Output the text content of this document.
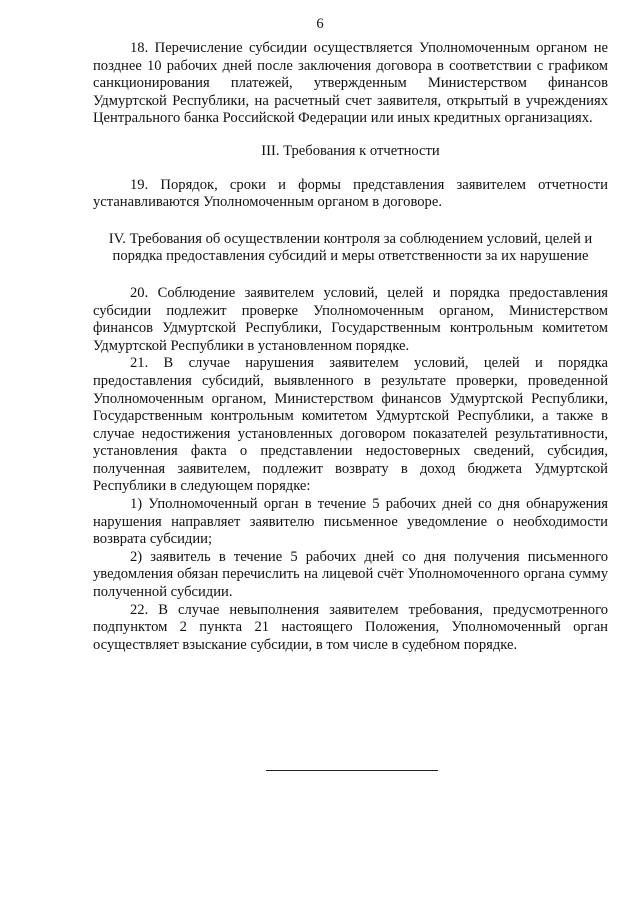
6

18. Перечисление субсидии осуществляется Уполномоченным органом не позднее 10 рабочих дней после заключения договора в соответствии с графиком санкционирования платежей, утвержденным Министерством финансов Удмуртской Республики, на расчетный счет заявителя, открытый в учреждениях Центрального банка Российской Федерации или иных кредитных организациях.

III. Требования к отчетности

19. Порядок, сроки и формы представления заявителем отчетности устанавливаются Уполномоченным органом в договоре.

IV. Требования об осуществлении контроля за соблюдением условий, целей и порядка предоставления субсидий и меры ответственности за их нарушение

20. Соблюдение заявителем условий, целей и порядка предоставления субсидии подлежит проверке Уполномоченным органом, Министерством финансов Удмуртской Республики, Государственным контрольным комитетом Удмуртской Республики в установленном порядке.

21. В случае нарушения заявителем условий, целей и порядка предоставления субсидий, выявленного в результате проверки, проведенной Уполномоченным органом, Министерством финансов Удмуртской Республики, Государственным контрольным комитетом Удмуртской Республики, а также в случае недостижения установленных договором показателей результативности, установления факта о представлении недостоверных сведений, субсидия, полученная заявителем, подлежит возврату в доход бюджета Удмуртской Республики в следующем порядке:

1) Уполномоченный орган в течение 5 рабочих дней со дня обнаружения нарушения направляет заявителю письменное уведомление о необходимости возврата субсидии;

2) заявитель в течение 5 рабочих дней со дня получения письменного уведомления обязан перечислить на лицевой счёт Уполномоченного органа сумму полученной субсидии.

22. В случае невыполнения заявителем требования, предусмотренного подпунктом 2 пункта 21 настоящего Положения, Уполномоченный орган осуществляет взыскание субсидии, в том числе в судебном порядке.
